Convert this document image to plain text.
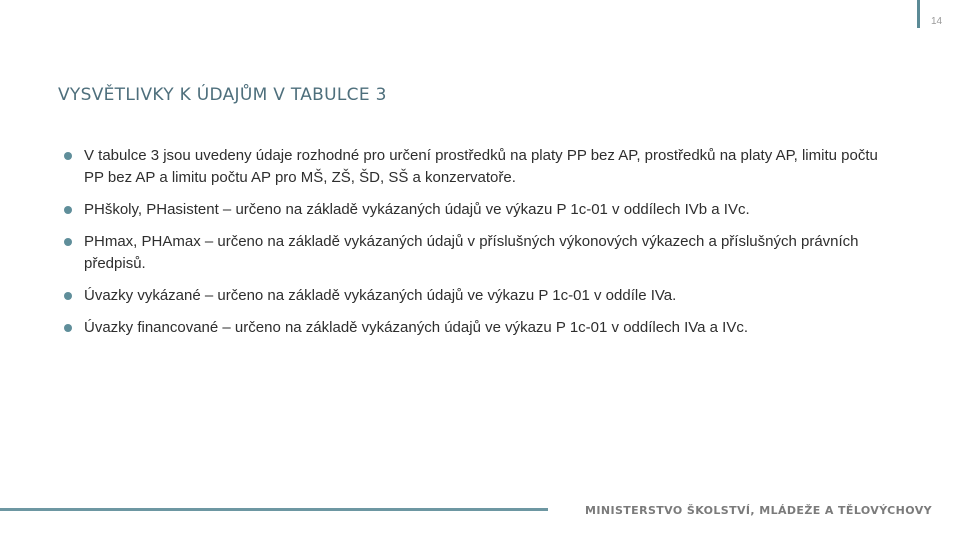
14
VYSVĚTLIVKY K ÚDAJŮM V TABULCE 3
V tabulce 3 jsou uvedeny údaje rozhodné pro určení prostředků na platy PP bez AP, prostředků na platy AP, limitu počtu PP bez AP a limitu počtu AP pro MŠ, ZŠ, ŠD, SŠ a konzervatoře.
PHškoly, PHasistent – určeno na základě vykázaných údajů ve výkazu P 1c-01 v oddílech IVb a IVc.
PHmax, PHAmax – určeno na základě vykázaných údajů v příslušných výkonových výkazech a příslušných právních předpisů.
Úvazky vykázané – určeno na základě vykázaných údajů ve výkazu P 1c-01 v oddíle IVa.
Úvazky financované – určeno na základě vykázaných údajů ve výkazu P 1c-01 v oddílech IVa a IVc.
MINISTERSTVO ŠKOLSTVÍ, MLÁDEŽE A TĚLOVÝCHOVY
